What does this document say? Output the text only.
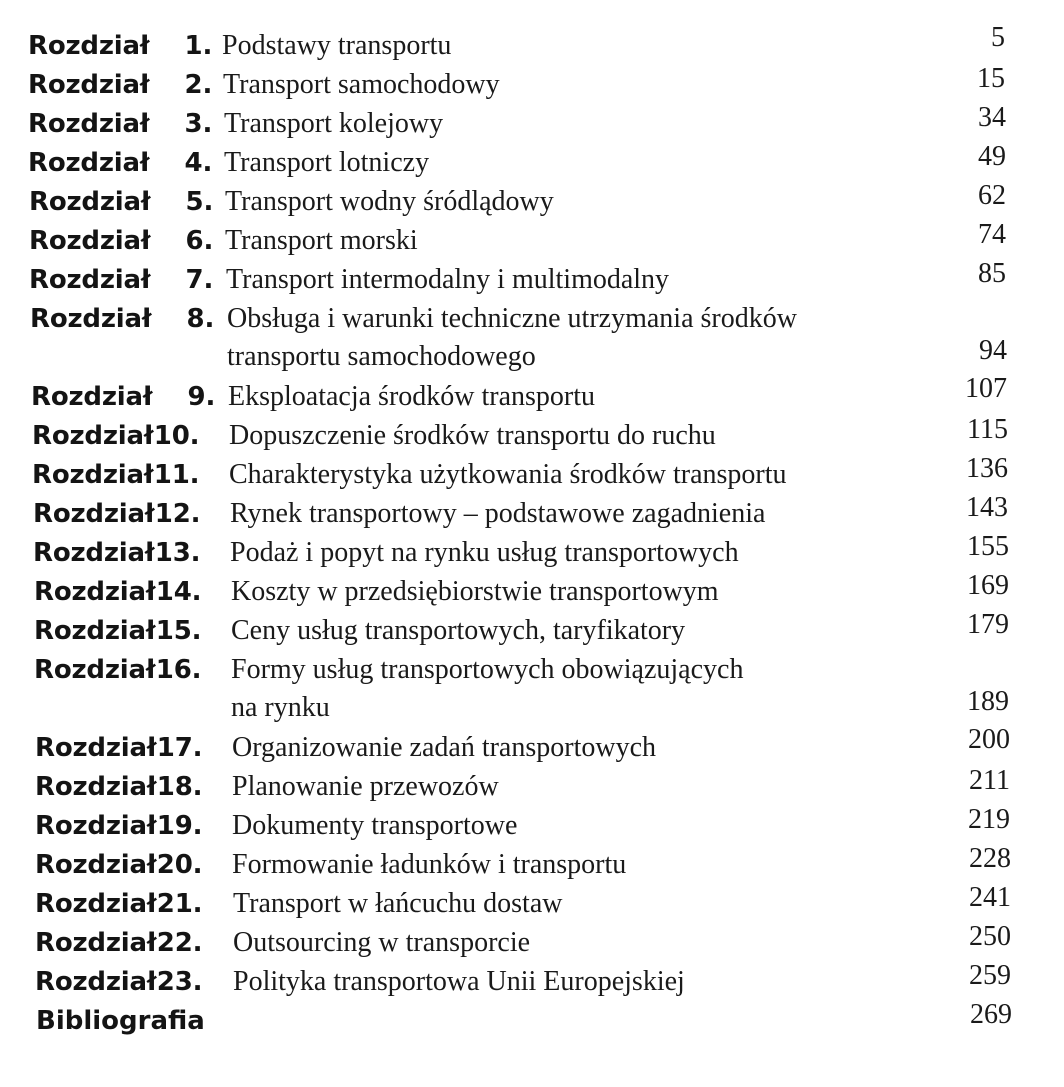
Rozdział 1. Podstawy transportu	5
Rozdział 2. Transport samochodowy	15
Rozdział 3. Transport kolejowy	34
Rozdział 4. Transport lotniczy	49
Rozdział 5. Transport wodny śródlądowy	62
Rozdział 6. Transport morski	74
Rozdział 7. Transport intermodalny i multimodalny	85
Rozdział 8. Obsługa i warunki techniczne utrzymania środków
transportu samochodowego	94
Rozdział 9. Eksploatacja środków transportu	107
Rozdział10. Dopuszczenie środków transportu do ruchu	115
Rozdział11. Charakterystyka użytkowania środków transportu	136
Rozdział12. Rynek transportowy – podstawowe zagadnienia	143
Rozdział13. Podaż i popyt na rynku usług transportowych	155
Rozdział14. Koszty w przedsiębiorstwie transportowym	169
Rozdział15. Ceny usług transportowych, taryfikatory	179
Rozdział16. Formy usług transportowych obowiązujących
na rynku	189
Rozdział17. Organizowanie zadań transportowych	200
Rozdział18. Planowanie przewozów	211
Rozdział19. Dokumenty transportowe	219
Rozdział20. Formowanie ładunków i transportu	228
Rozdział21. Transport w łańcuchu dostaw	241
Rozdział22. Outsourcing w transporcie	250
Rozdział23. Polityka transportowa Unii Europejskiej	259
Bibliografia	269
